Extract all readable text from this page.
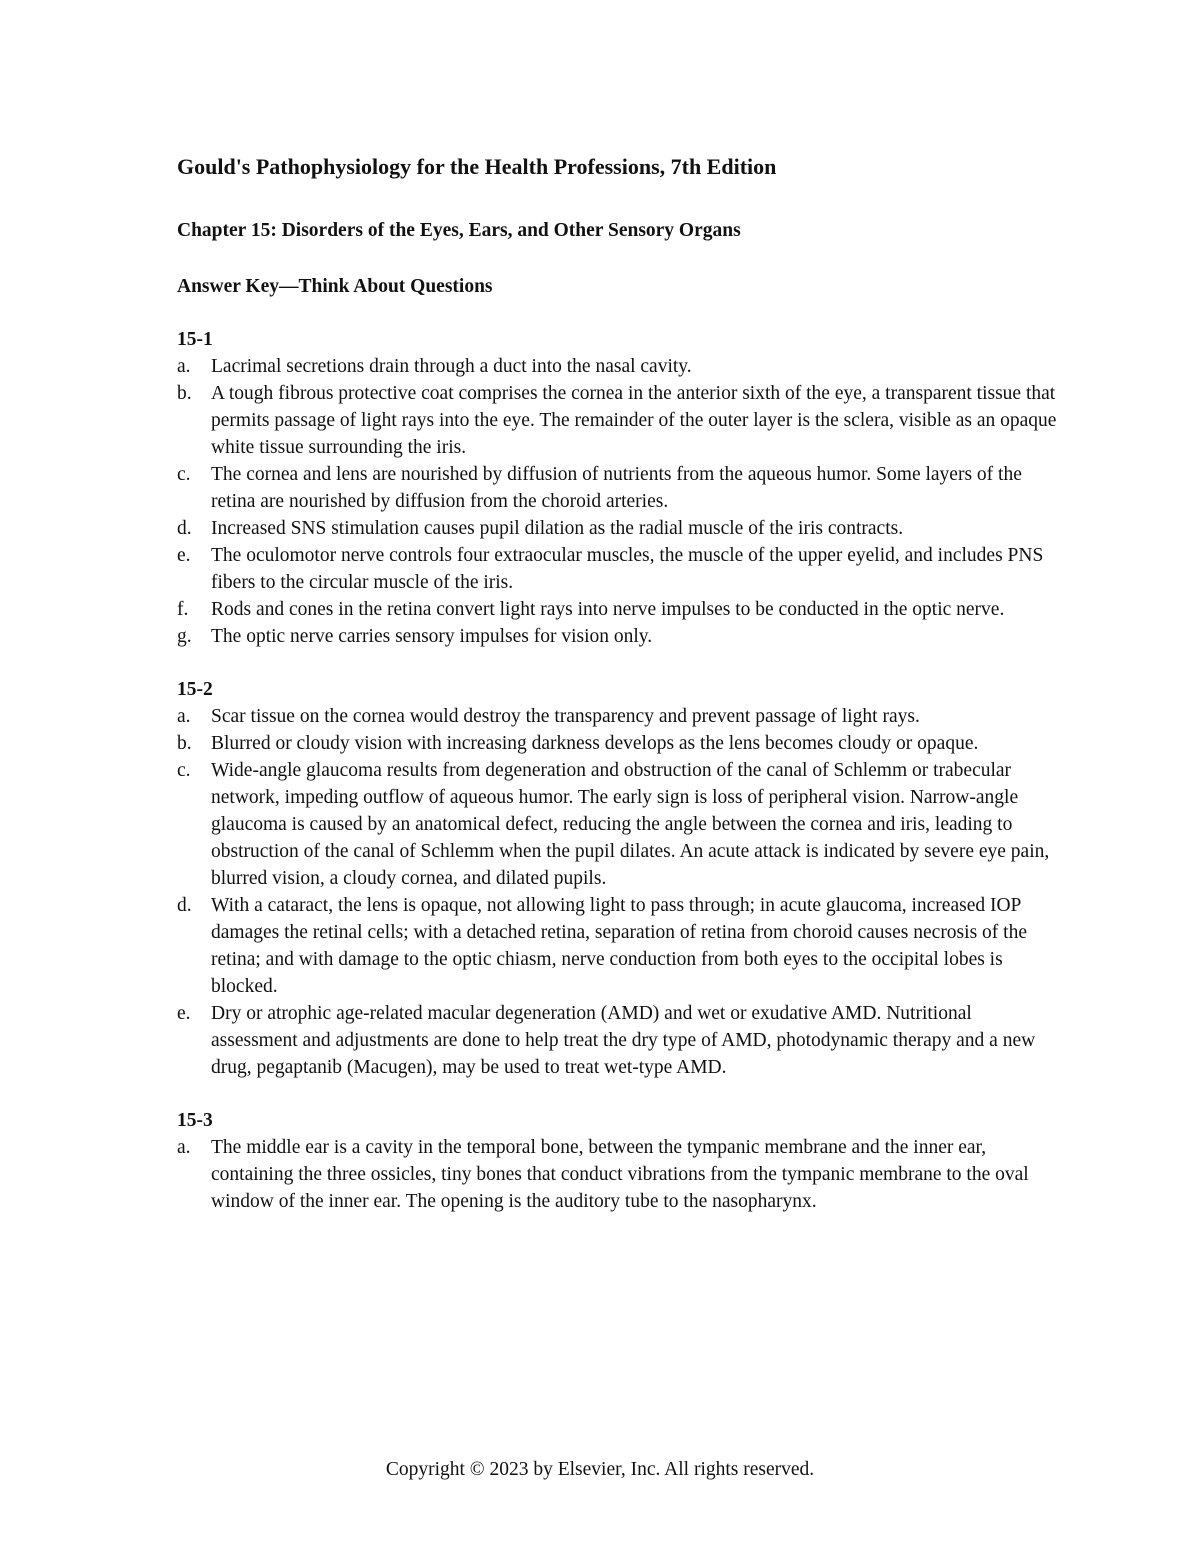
Gould's Pathophysiology for the Health Professions, 7th Edition
Chapter 15: Disorders of the Eyes, Ears, and Other Sensory Organs
Answer Key—Think About Questions
15-1
a. Lacrimal secretions drain through a duct into the nasal cavity.
b. A tough fibrous protective coat comprises the cornea in the anterior sixth of the eye, a transparent tissue that permits passage of light rays into the eye. The remainder of the outer layer is the sclera, visible as an opaque white tissue surrounding the iris.
c. The cornea and lens are nourished by diffusion of nutrients from the aqueous humor. Some layers of the retina are nourished by diffusion from the choroid arteries.
d. Increased SNS stimulation causes pupil dilation as the radial muscle of the iris contracts.
e. The oculomotor nerve controls four extraocular muscles, the muscle of the upper eyelid, and includes PNS fibers to the circular muscle of the iris.
f. Rods and cones in the retina convert light rays into nerve impulses to be conducted in the optic nerve.
g. The optic nerve carries sensory impulses for vision only.
15-2
a. Scar tissue on the cornea would destroy the transparency and prevent passage of light rays.
b. Blurred or cloudy vision with increasing darkness develops as the lens becomes cloudy or opaque.
c. Wide-angle glaucoma results from degeneration and obstruction of the canal of Schlemm or trabecular network, impeding outflow of aqueous humor. The early sign is loss of peripheral vision. Narrow-angle glaucoma is caused by an anatomical defect, reducing the angle between the cornea and iris, leading to obstruction of the canal of Schlemm when the pupil dilates. An acute attack is indicated by severe eye pain, blurred vision, a cloudy cornea, and dilated pupils.
d. With a cataract, the lens is opaque, not allowing light to pass through; in acute glaucoma, increased IOP damages the retinal cells; with a detached retina, separation of retina from choroid causes necrosis of the retina; and with damage to the optic chiasm, nerve conduction from both eyes to the occipital lobes is blocked.
e. Dry or atrophic age-related macular degeneration (AMD) and wet or exudative AMD. Nutritional assessment and adjustments are done to help treat the dry type of AMD, photodynamic therapy and a new drug, pegaptanib (Macugen), may be used to treat wet-type AMD.
15-3
a. The middle ear is a cavity in the temporal bone, between the tympanic membrane and the inner ear, containing the three ossicles, tiny bones that conduct vibrations from the tympanic membrane to the oval window of the inner ear. The opening is the auditory tube to the nasopharynx.
Copyright © 2023 by Elsevier, Inc. All rights reserved.
